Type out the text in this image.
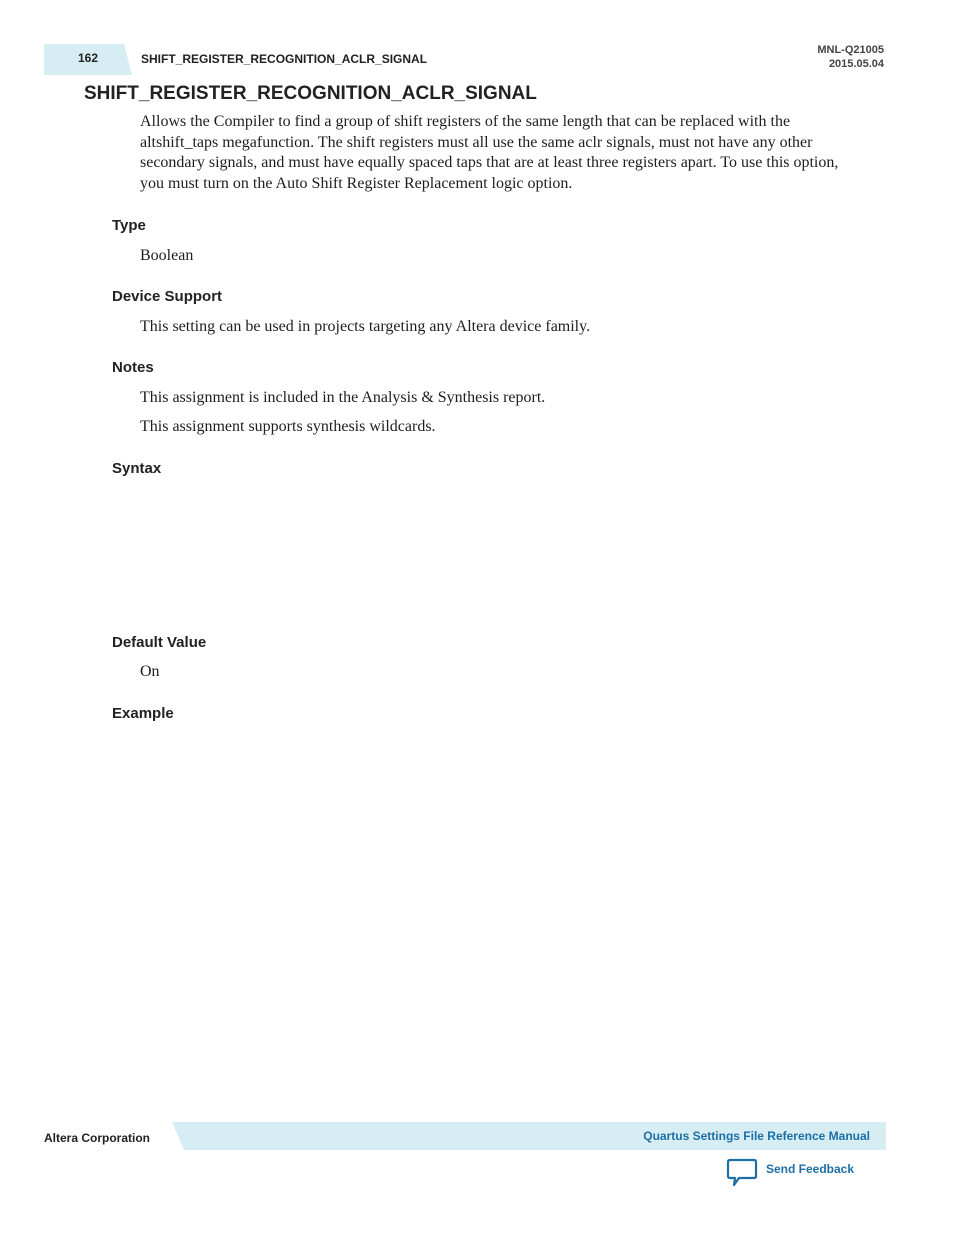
162	SHIFT_REGISTER_RECOGNITION_ACLR_SIGNAL
MNL-Q21005
2015.05.04
SHIFT_REGISTER_RECOGNITION_ACLR_SIGNAL
Allows the Compiler to find a group of shift registers of the same length that can be replaced with the altshift_taps megafunction. The shift registers must all use the same aclr signals, must not have any other secondary signals, and must have equally spaced taps that are at least three registers apart. To use this option, you must turn on the Auto Shift Register Replacement logic option.
Type
Boolean
Device Support
This setting can be used in projects targeting any Altera device family.
Notes
This assignment is included in the Analysis & Synthesis report.
This assignment supports synthesis wildcards.
Syntax
Default Value
On
Example
Altera Corporation	Quartus Settings File Reference Manual
Send Feedback
